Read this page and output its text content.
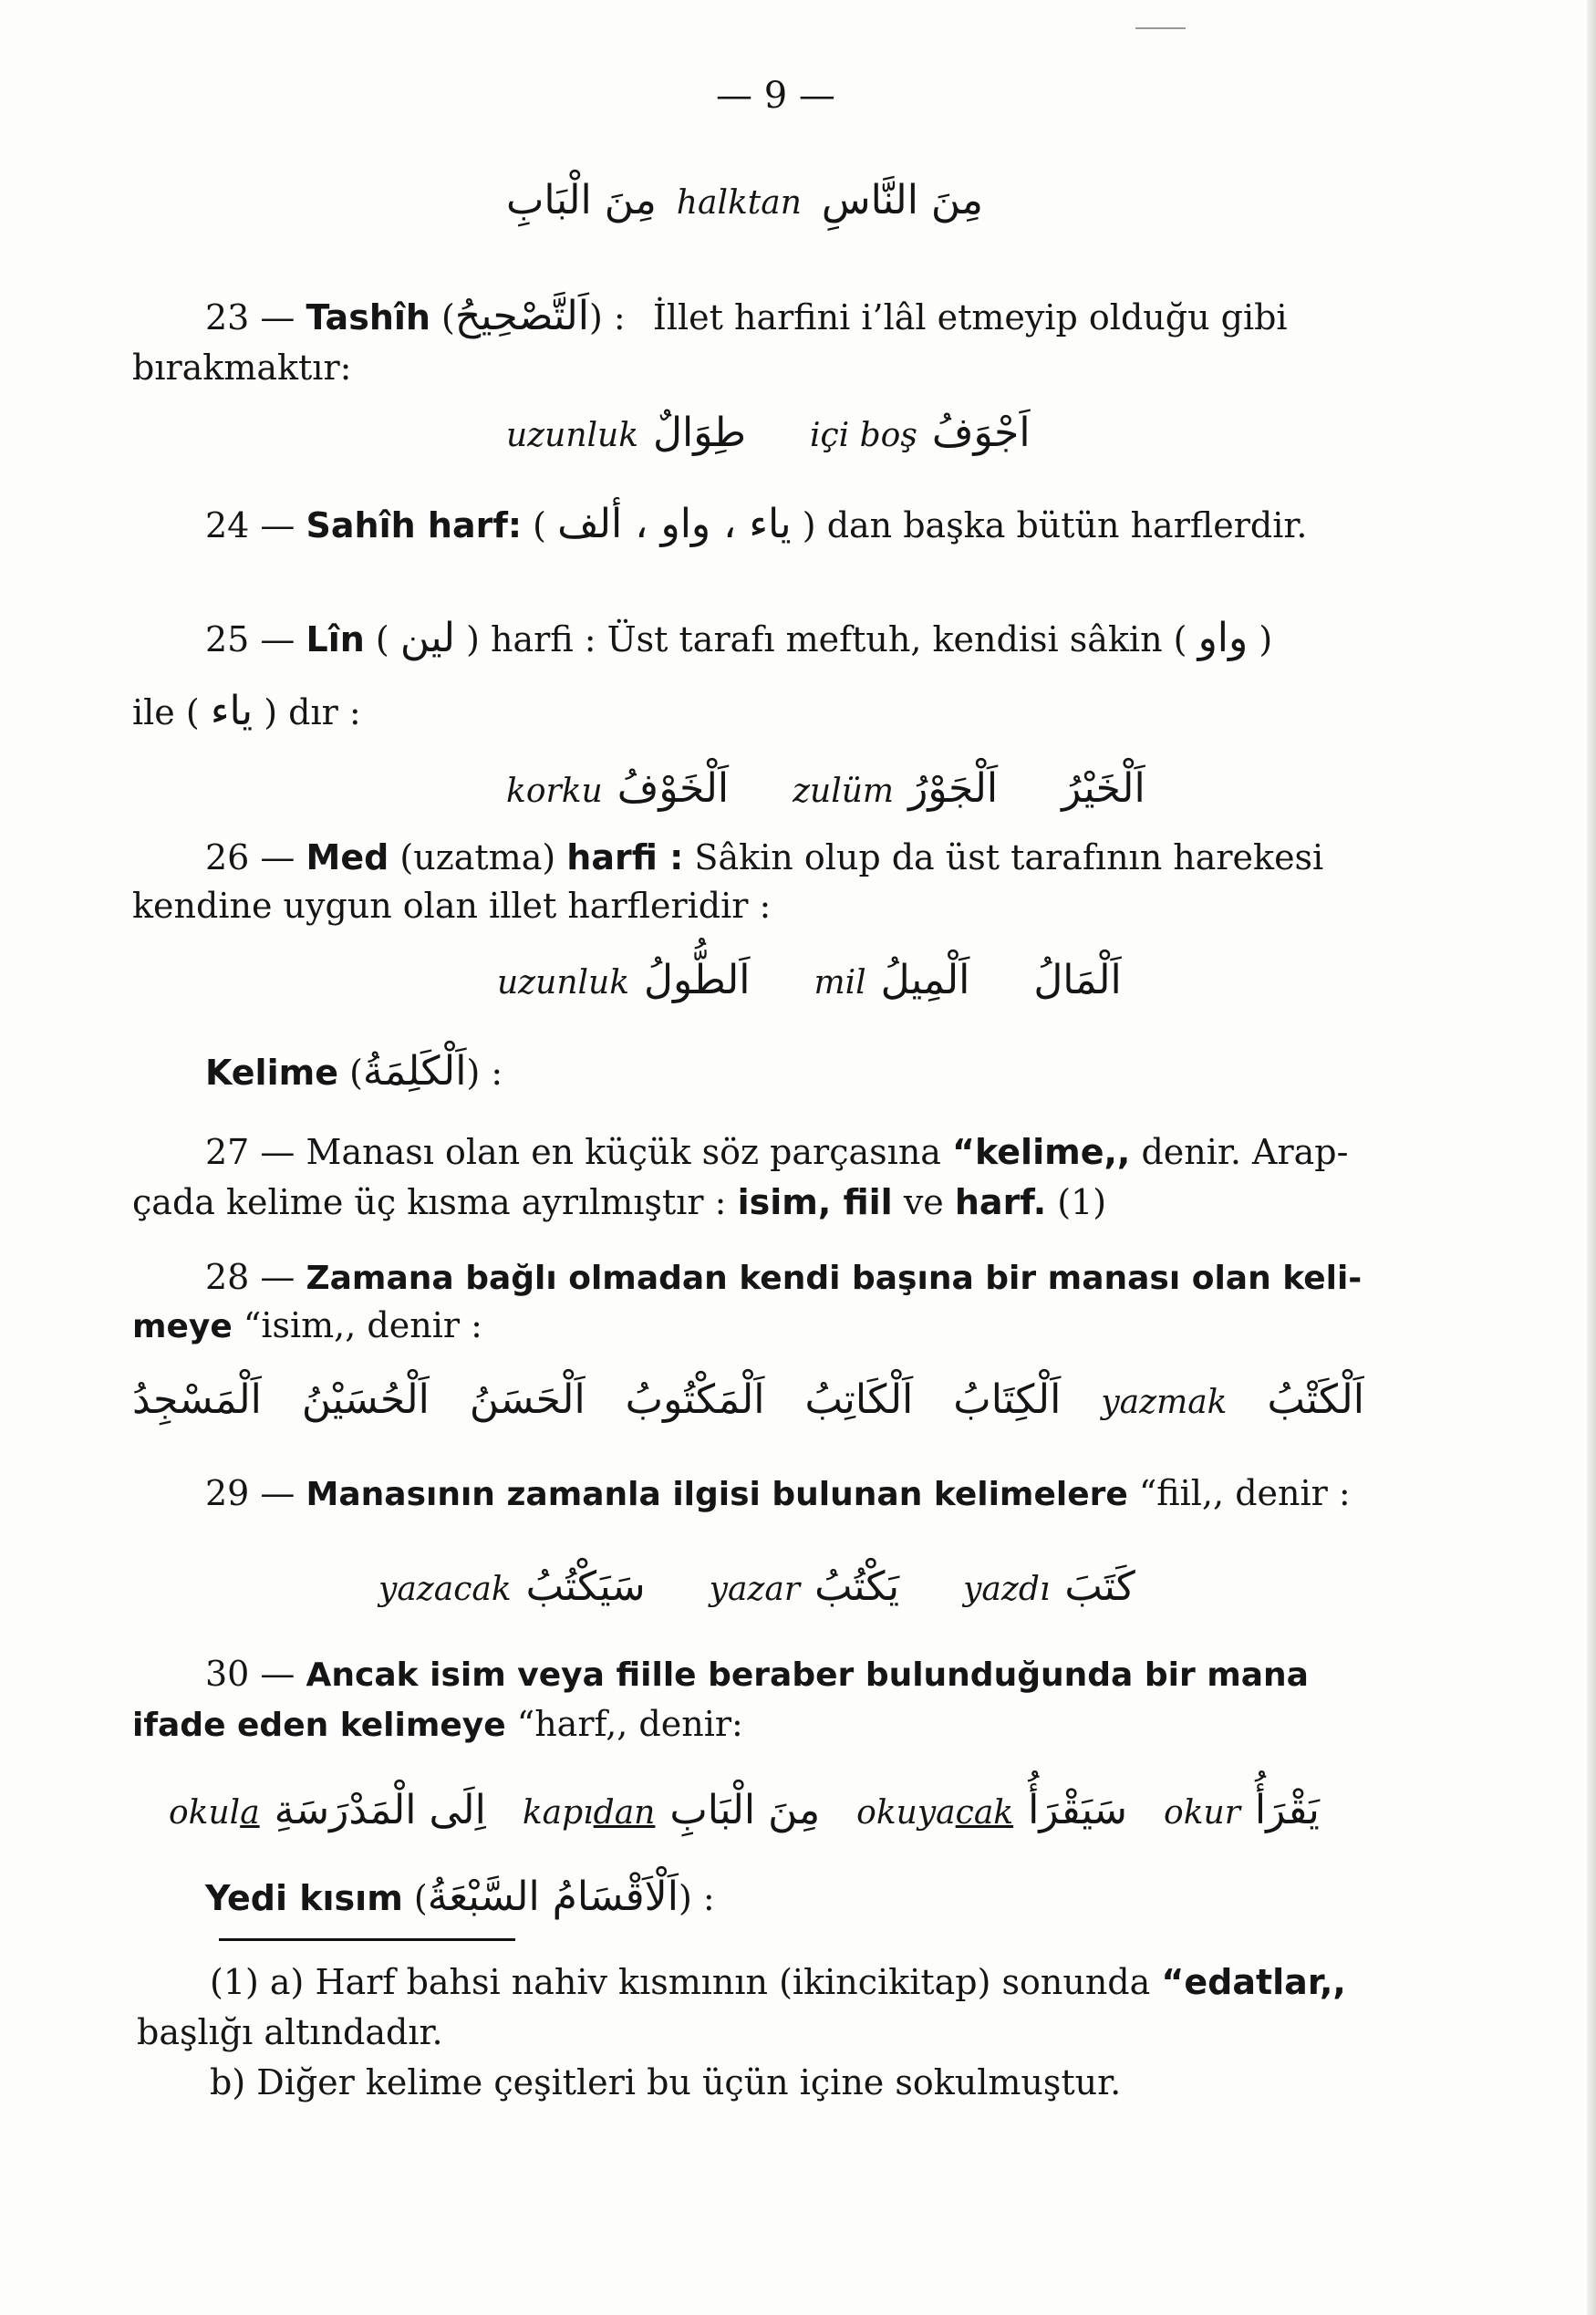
— 9 —
مِنَ الْبَابِ halktan مِنَ النَّاسِ
23 — Tashîh (اَلتَّصْحِيحُ) : İllet harfini i’lâl etmeyip olduğu gibi
bırakmaktır:
uzunluk طِوَالٌ içi boş اَجْوَفُ
24 — Sahîh harf: ( ياء ، واو ، ألف ) dan başka bütün harflerdir.
25 — Lîn ( لين ) harfi : Üst tarafı meftuh, kendisi sâkin ( واو )
ile ( ياء ) dır :
korku اَلْخَوْفُ zulüm اَلْجَوْرُ اَلْخَيْرُ
26 — Med (uzatma) harfi : Sâkin olup da üst tarafının harekesi
kendine uygun olan illet harfleridir :
uzunluk اَلطُّولُ mil اَلْمِيلُ اَلْمَالُ
Kelime (اَلْكَلِمَةُ) :
27 — Manası olan en küçük söz parçasına “kelime,, denir. Arap-
çada kelime üç kısma ayrılmıştır : isim, fiil ve harf. (1)
28 — Zamana bağlı olmadan kendi başına bir manası olan keli-
meye “isim,, denir :
اَلْمَسْجِدُ اَلْحُسَيْنُ اَلْحَسَنُ اَلْمَكْتُوبُ اَلْكَاتِبُ اَلْكِتَابُ yazmak اَلْكَتْبُ
29 — Manasının zamanla ilgisi bulunan kelimelere “fiil,, denir :
yazacak سَيَكْتُبُ yazar يَكْتُبُ yazdı كَتَبَ
30 — Ancak isim veya fiille beraber bulunduğunda bir mana
ifade eden kelimeye “harf,, denir:
okula اِلَى الْمَدْرَسَةِ kapıdan مِنَ الْبَابِ okuyacak سَيَقْرَأُ okur يَقْرَأُ
Yedi kısım (اَلْاَقْسَامُ السَّبْعَةُ) :
(1) a) Harf bahsi nahiv kısmının (ikincikitap) sonunda “edatlar,,
başlığı altındadır.
b) Diğer kelime çeşitleri bu üçün içine sokulmuştur.
